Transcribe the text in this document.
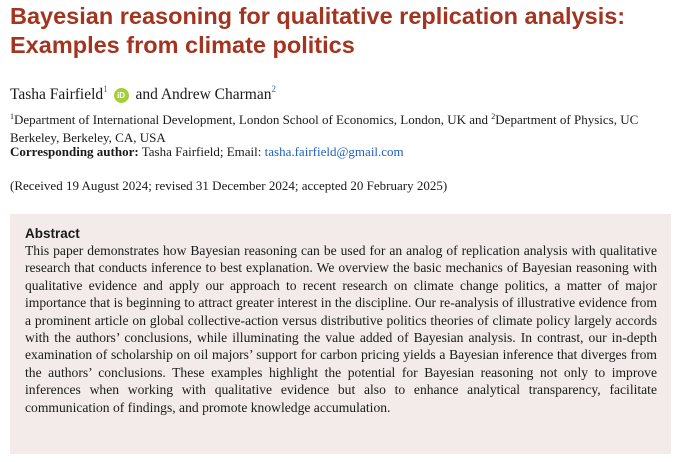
Bayesian reasoning for qualitative replication analysis: Examples from climate politics
Tasha Fairfield$^1$ iD and Andrew Charman$^2$
$^1$Department of International Development, London School of Economics, London, UK and $^2$Department of Physics, UC Berkeley, Berkeley, CA, USA
Corresponding author: Tasha Fairfield; Email: tasha.fairfield@gmail.com
(Received 19 August 2024; revised 31 December 2024; accepted 20 February 2025)
Abstract

This paper demonstrates how Bayesian reasoning can be used for an analog of replication analysis with qualitative research that conducts inference to best explanation. We overview the basic mechanics of Bayesian reasoning with qualitative evidence and apply our approach to recent research on climate change politics, a matter of major importance that is beginning to attract greater interest in the discipline. Our re-analysis of illustrative evidence from a prominent article on global collective-action versus distributive politics theories of climate policy largely accords with the authors’ conclusions, while illuminating the value added of Bayesian analysis. In contrast, our in-depth examination of scholarship on oil majors’ support for carbon pricing yields a Bayesian inference that diverges from the authors’ conclusions. These examples highlight the potential for Bayesian reasoning not only to improve inferences when working with qualitative evidence but also to enhance analytical transparency, facilitate communication of findings, and promote knowledge accumulation.
